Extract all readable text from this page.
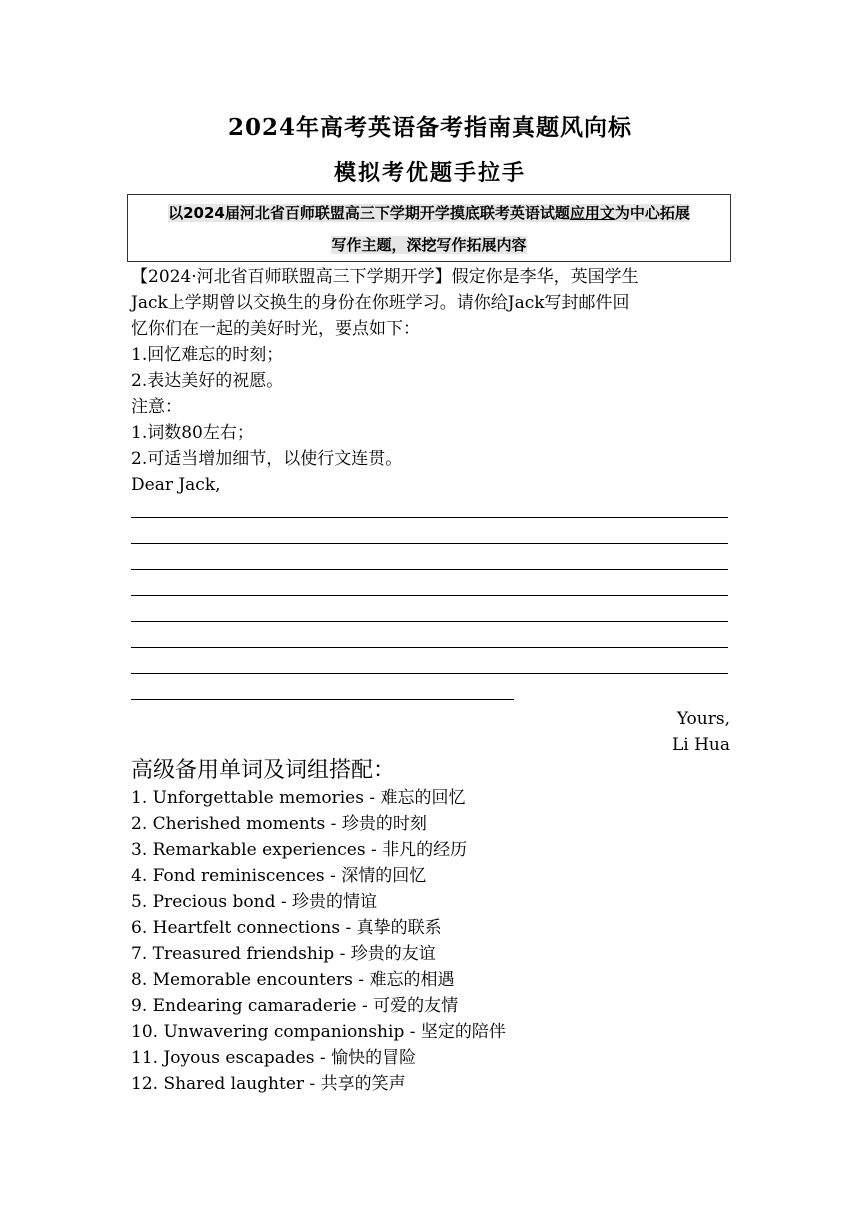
2024年高考英语备考指南真题风向标
模拟考优题手拉手
以2024届河北省百师联盟高三下学期开学摸底联考英语试题应用文为中心拓展
写作主题，深挖写作拓展内容
【2024·河北省百师联盟高三下学期开学】假定你是李华，英国学生
Jack上学期曾以交换生的身份在你班学习。请你给Jack写封邮件回
忆你们在一起的美好时光，要点如下：
1.回忆难忘的时刻；
2.表达美好的祝愿。
注意：
1.词数80左右；
2.可适当增加细节，以使行文连贯。
Dear Jack,
Yours,
Li Hua
高级备用单词及词组搭配：
1. Unforgettable memories - 难忘的回忆
2. Cherished moments - 珍贵的时刻
3. Remarkable experiences - 非凡的经历
4. Fond reminiscences - 深情的回忆
5. Precious bond - 珍贵的情谊
6. Heartfelt connections - 真挚的联系
7. Treasured friendship - 珍贵的友谊
8. Memorable encounters - 难忘的相遇
9. Endearing camaraderie - 可爱的友情
10. Unwavering companionship - 坚定的陪伴
11. Joyous escapades - 愉快的冒险
12. Shared laughter - 共享的笑声
